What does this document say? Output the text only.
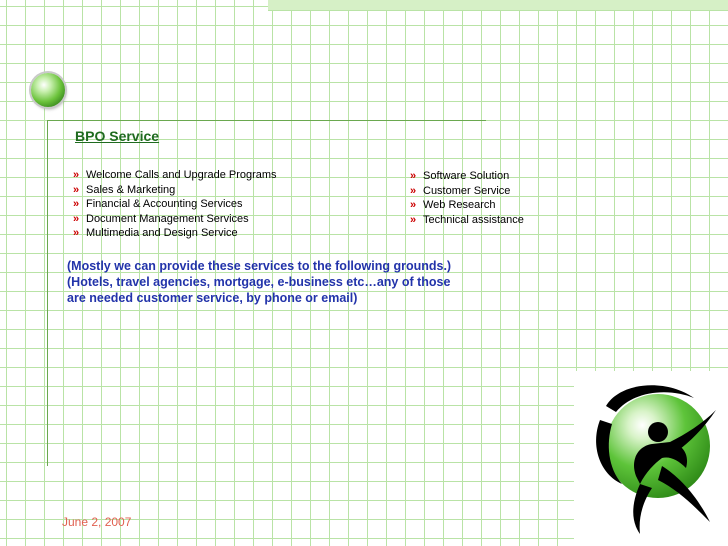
BPO Service
» Welcome Calls and Upgrade Programs
» Sales & Marketing
» Financial & Accounting Services
» Document Management Services
» Multimedia and Design Service
» Software Solution
» Customer Service
» Web Research
» Technical assistance

(Mostly we can provide these services to the following grounds.)
(Hotels, travel agencies, mortgage, e-business etc…any of those
are needed customer service, by phone or email)

June 2, 2007
